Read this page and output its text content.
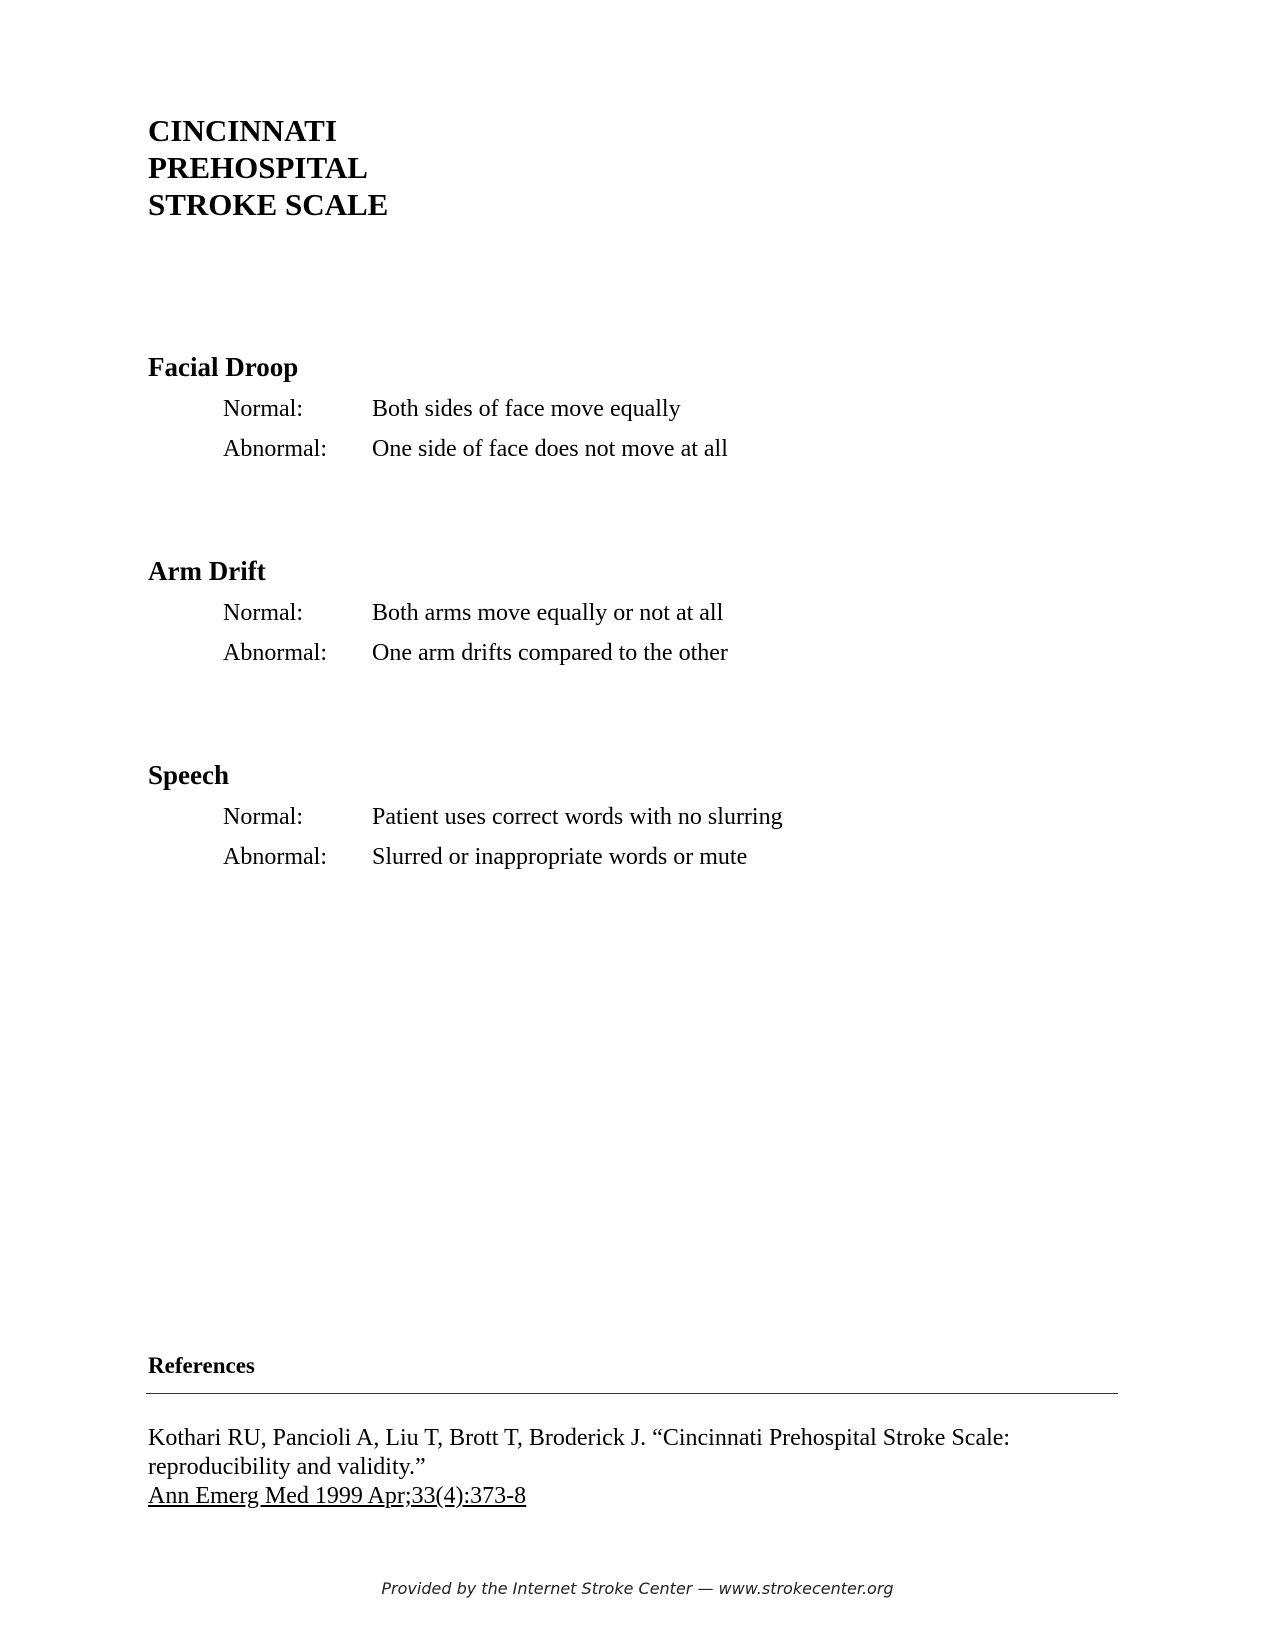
CINCINNATI
PREHOSPITAL
STROKE SCALE
Facial Droop
Normal:	Both sides of face move equally
Abnormal: One side of face does not move at all
Arm Drift
Normal:	Both arms move equally or not at all
Abnormal: One arm drifts compared to the other
Speech
Normal:	Patient uses correct words with no slurring
Abnormal: Slurred or inappropriate words or mute
References
Kothari RU, Pancioli A, Liu T, Brott T, Broderick J. “Cincinnati Prehospital Stroke Scale:
reproducibility and validity.”
Ann Emerg Med 1999 Apr;33(4):373-8
Provided by the Internet Stroke Center — www.strokecenter.org
